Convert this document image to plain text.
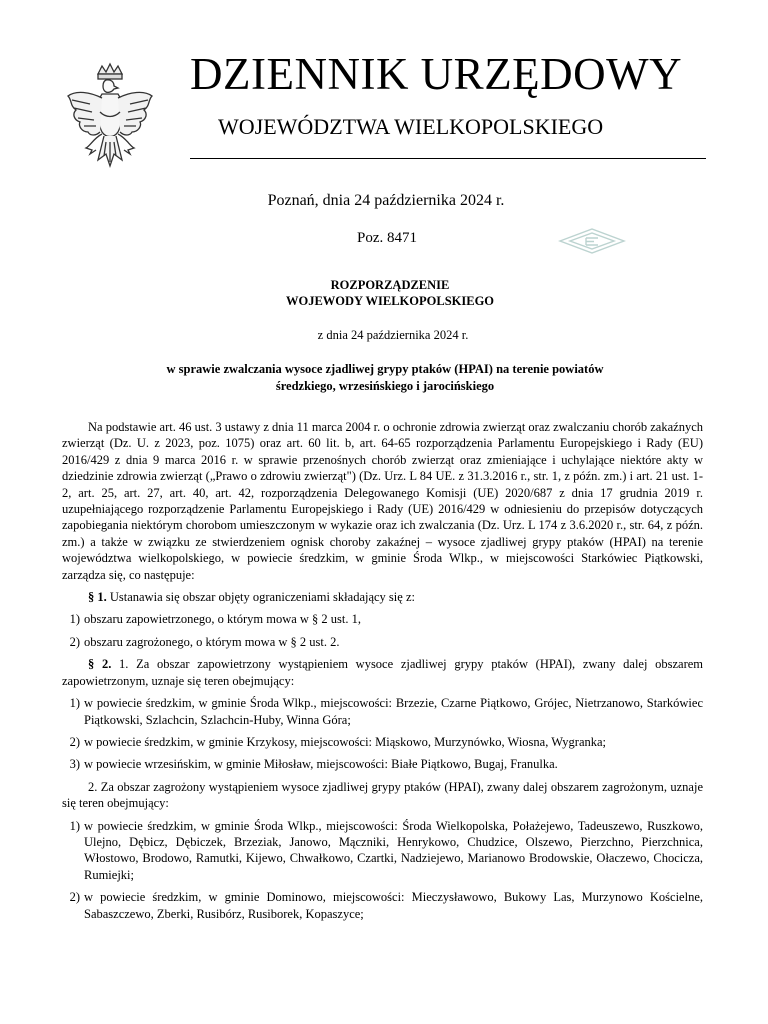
DZIENNIK URZĘDOWY
WOJEWÓDZTWA WIELKOPOLSKIEGO
Poznań, dnia 24 października 2024 r.
Poz. 8471
ROZPORZĄDZENIE
WOJEWODY WIELKOPOLSKIEGO
z dnia 24 października 2024 r.
w sprawie zwalczania wysoce zjadliwej grypy ptaków (HPAI) na terenie powiatów
średzkiego, wrzesińskiego i jarocińskiego

Na podstawie art. 46 ust. 3 ustawy z dnia 11 marca 2004 r. o ochronie zdrowia zwierząt oraz zwalczaniu chorób zakaźnych zwierząt (Dz. U. z 2023, poz. 1075) oraz art. 60 lit. b, art. 64-65 rozporządzenia Parlamentu Europejskiego i Rady (EU) 2016/429 z dnia 9 marca 2016 r. w sprawie przenośnych chorób zwierząt oraz zmieniające i uchylające niektóre akty w dziedzinie zdrowia zwierząt („Prawo o zdrowiu zwierząt") (Dz. Urz. L 84 UE. z 31.3.2016 r., str. 1, z późn. zm.) i art. 21 ust. 1-2, art. 25, art. 27, art. 40, art. 42, rozporządzenia Delegowanego Komisji (UE) 2020/687 z dnia 17 grudnia 2019 r. uzupełniającego rozporządzenie Parlamentu Europejskiego i Rady (UE) 2016/429 w odniesieniu do przepisów dotyczących zapobiegania niektórym chorobom umieszczonym w wykazie oraz ich zwalczania (Dz. Urz. L 174 z 3.6.2020 r., str. 64, z późn. zm.) a także w związku ze stwierdzeniem ognisk choroby zakaźnej – wysoce zjadliwej grypy ptaków (HPAI) na terenie województwa wielkopolskiego, w powiecie średzkim, w gminie Środa Wlkp., w miejscowości Starkówiec Piątkowski, zarządza się, co następuje:

§ 1. Ustanawia się obszar objęty ograniczeniami składający się z:

1) obszaru zapowietrzonego, o którym mowa w § 2 ust. 1,
2) obszaru zagrożonego, o którym mowa w § 2 ust. 2.

§ 2. 1. Za obszar zapowietrzony wystąpieniem wysoce zjadliwej grypy ptaków (HPAI), zwany dalej obszarem zapowietrzonym, uznaje się teren obejmujący:

1) w powiecie średzkim, w gminie Środa Wlkp., miejscowości: Brzezie, Czarne Piątkowo, Grójec, Nietrzanowo, Starkówiec Piątkowski, Szlachcin, Szlachcin-Huby, Winna Góra;
2) w powiecie średzkim, w gminie Krzykosy, miejscowości: Miąskowo, Murzynówko, Wiosna, Wygranka;
3) w powiecie wrzesińskim, w gminie Miłosław, miejscowości: Białe Piątkowo, Bugaj, Franulka.

2. Za obszar zagrożony wystąpieniem wysoce zjadliwej grypy ptaków (HPAI), zwany dalej obszarem zagrożonym, uznaje się teren obejmujący:

1) w powiecie średzkim, w gminie Środa Wlkp., miejscowości: Środa Wielkopolska, Połażejewo, Tadeuszewo, Ruszkowo, Ulejno, Dębicz, Dębiczek, Brzeziak, Janowo, Mączniki, Henrykowo, Chudzice, Olszewo, Pierzchno, Pierzchnica, Włostowo, Brodowo, Ramutki, Kijewo, Chwałkowo, Czartki, Nadziejewo, Marianowo Brodowskie, Ołaczewo, Chocicza, Rumiejki;
2) w powiecie średzkim, w gminie Dominowo, miejscowości: Mieczysławowo, Bukowy Las, Murzynowo Kościelne, Sabaszczewo, Zberki, Rusibórz, Rusiborek, Kopaszyce;
